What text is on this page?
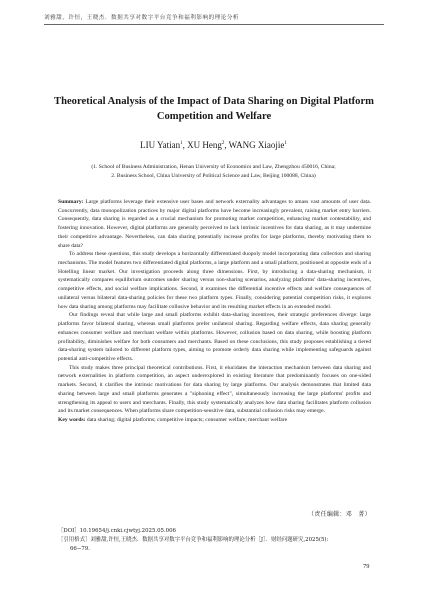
刘雅甜，许恒，王晓杰．数据共享对数字平台竞争和福利影响的理论分析
Theoretical Analysis of the Impact of Data Sharing on Digital Platform Competition and Welfare
LIU Yatian$^1$, XU Heng$^2$, WANG Xiaojie$^1$
(1. School of Business Administration, Henan University of Economics and Law, Zhengzhou 450016, China;
2. Business School, China University of Political Science and Law, Beijing 100088, China)

Summary: Large platforms leverage their extensive user bases and network externality advantages to amass vast amounts of user data. Concurrently, data monopolization practices by major digital platforms have become increasingly prevalent, raising market entry barriers. Consequently, data sharing is regarded as a crucial mechanism for promoting market competition, enhancing market contestability, and fostering innovation. However, digital platforms are generally perceived to lack intrinsic incentives for data sharing, as it may undermine their competitive advantage. Nevertheless, can data sharing potentially increase profits for large platforms, thereby motivating them to share data?

To address these questions, this study develops a horizontally differentiated duopoly model incorporating data collection and sharing mechanisms. The model features two differentiated digital platforms, a large platform and a small platform, positioned at opposite ends of a Hotelling linear market. Our investigation proceeds along three dimensions. First, by introducing a data-sharing mechanism, it systematically compares equilibrium outcomes under sharing versus non-sharing scenarios, analyzing platforms' data-sharing incentives, competitive effects, and social welfare implications. Second, it examines the differential incentive effects and welfare consequences of unilateral versus bilateral data-sharing policies for these two platform types. Finally, considering potential competition risks, it explores how data sharing among platforms may facilitate collusive behavior and its resulting market effects in an extended model.

Our findings reveal that while large and small platforms exhibit data-sharing incentives, their strategic preferences diverge: large platforms favor bilateral sharing, whereas small platforms prefer unilateral sharing. Regarding welfare effects, data sharing generally enhances consumer welfare and merchant welfare within platforms. However, collusion based on data sharing, while boosting platform profitability, diminishes welfare for both consumers and merchants. Based on these conclusions, this study proposes establishing a tiered data-sharing system tailored to different platform types, aiming to promote orderly data sharing while implementing safeguards against potential anti-competitive effects.

This study makes three principal theoretical contributions. First, it elucidates the interaction mechanism between data sharing and network externalities in platform competition, an aspect underexplored in existing literature that predominantly focuses on one-sided markets. Second, it clarifies the intrinsic motivations for data sharing by large platforms. Our analysis demonstrates that limited data sharing between large and small platforms generates a "siphoning effect", simultaneously increasing the large platforms' profits and strengthening its appeal to users and merchants. Finally, this study systematically analyzes how data sharing facilitates platform collusion and its market consequences. When platforms share competition-sensitive data, substantial collusion risks may emerge.

Key words: data sharing; digital platforms; competitive impacts; consumer welfare; merchant welfare

（责任编辑：邓　菁）
［DOI］10.19654/j.cnki.cjwtyj.2025.05.006
［引用格式］刘雅甜,许恒,王晓杰．数据共享对数字平台竞争和福利影响的理论分析［J］．财经问题研究,2025(5):
66−79.
79
